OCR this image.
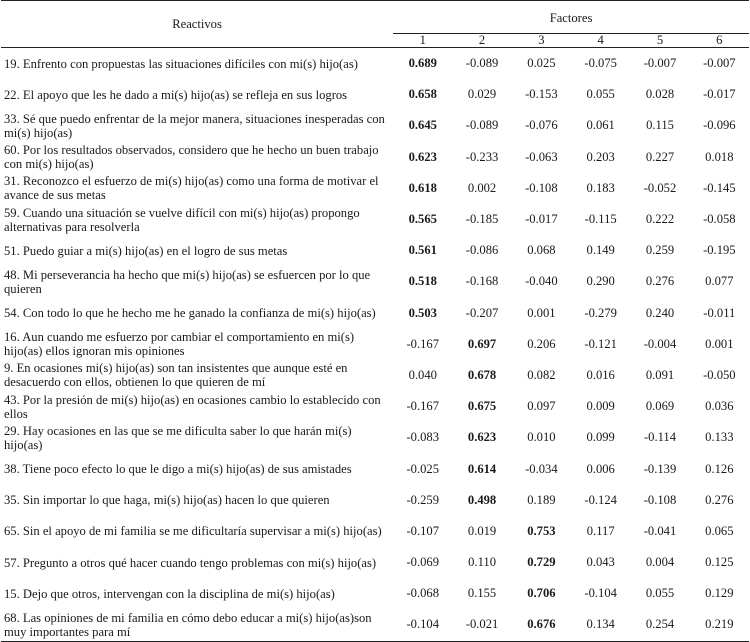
Reactivos	Factores					
	1	2	3	4	5	6
19. Enfrento con propuestas las situaciones difíciles con mi(s) hijo(as)	0.689	-0.089	0.025	-0.075	-0.007	-0.007
22. El apoyo que les he dado a mi(s) hijo(as) se refleja en sus logros	0.658	0.029	-0.153	0.055	0.028	-0.017
33. Sé que puedo enfrentar de la mejor manera, situaciones inesperadas con mi(s) hijo(as)	0.645	-0.089	-0.076	0.061	0.115	-0.096
60. Por los resultados observados, considero que he hecho un buen trabajo con mi(s) hijo(as)	0.623	-0.233	-0.063	0.203	0.227	0.018
31. Reconozco el esfuerzo de mi(s) hijo(as) como una forma de motivar el avance de sus metas	0.618	0.002	-0.108	0.183	-0.052	-0.145
59. Cuando una situación se vuelve difícil con mi(s) hijo(as) propongo alternativas para resolverla	0.565	-0.185	-0.017	-0.115	0.222	-0.058
51. Puedo guiar a mi(s) hijo(as) en el logro de sus metas	0.561	-0.086	0.068	0.149	0.259	-0.195
48. Mi perseverancia ha hecho que mi(s) hijo(as) se esfuercen por lo que quieren	0.518	-0.168	-0.040	0.290	0.276	0.077
54. Con todo lo que he hecho me he ganado la confianza de mi(s) hijo(as)	0.503	-0.207	0.001	-0.279	0.240	-0.011
16. Aun cuando me esfuerzo por cambiar el comportamiento en mi(s) hijo(as) ellos ignoran mis opiniones	-0.167	0.697	0.206	-0.121	-0.004	0.001
9. En ocasiones mi(s) hijo(as) son tan insistentes que aunque esté en desacuerdo con ellos, obtienen lo que quieren de mí	0.040	0.678	0.082	0.016	0.091	-0.050
43. Por la presión de mi(s) hijo(as) en ocasiones cambio lo establecido con ellos	-0.167	0.675	0.097	0.009	0.069	0.036
29. Hay ocasiones en las que se me dificulta saber lo que harán mi(s) hijo(as)	-0.083	0.623	0.010	0.099	-0.114	0.133
38. Tiene poco efecto lo que le digo a mi(s) hijo(as) de sus amistades	-0.025	0.614	-0.034	0.006	-0.139	0.126
35. Sin importar lo que haga, mi(s) hijo(as) hacen lo que quieren	-0.259	0.498	0.189	-0.124	-0.108	0.276
65. Sin el apoyo de mi familia se me dificultaría supervisar a mi(s) hijo(as)	-0.107	0.019	0.753	0.117	-0.041	0.065
57. Pregunto a otros qué hacer cuando tengo problemas con mi(s) hijo(as)	-0.069	0.110	0.729	0.043	0.004	0.125
15. Dejo que otros, intervengan con la disciplina de mi(s) hijo(as)	-0.068	0.155	0.706	-0.104	0.055	0.129
68. Las opiniones de mi familia en cómo debo educar a mi(s) hijo(as)son muy importantes para mí	-0.104	-0.021	0.676	0.134	0.254	0.219
